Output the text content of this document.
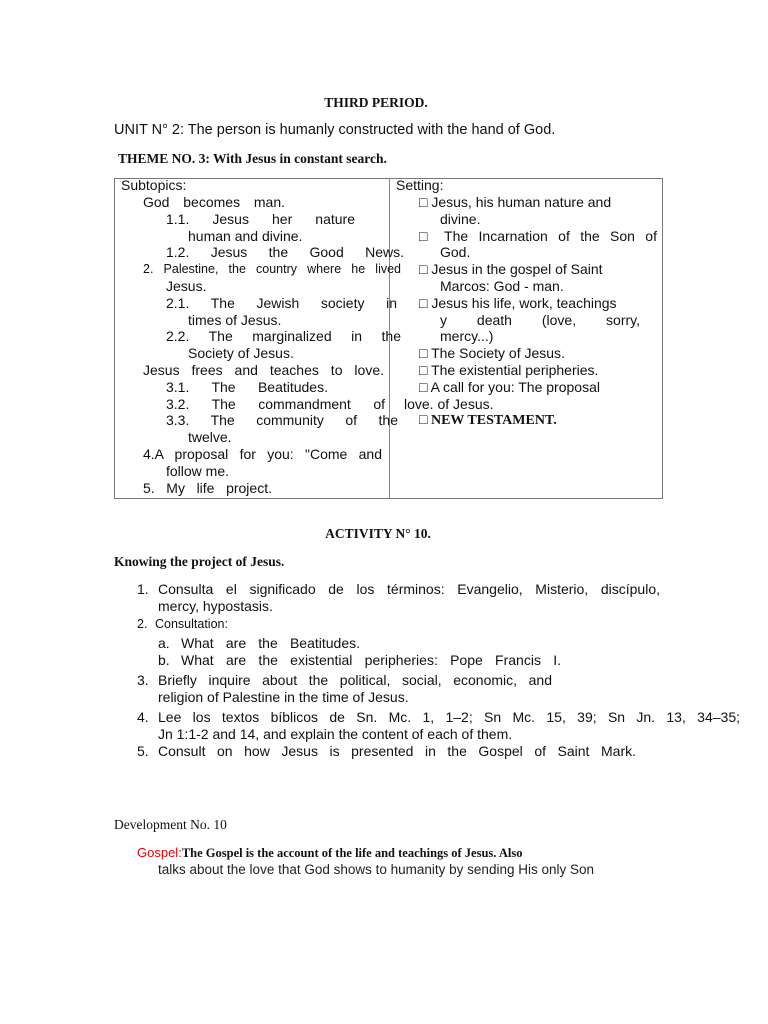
THIRD PERIOD.
UNIT N° 2: The person is humanly constructed with the hand of God.
THEME NO. 3: With Jesus in constant search.
Subtopics:
God becomes man.
1.1. Jesus her nature
human and divine.
1.2. Jesus the Good News.
2. Palestine, the country where he lived
Jesus.
2.1. The Jewish society in
times of Jesus.
2.2. The marginalized in the
Society of Jesus.
Jesus frees and teaches to love.
3.1. The Beatitudes.
3.2. The commandment of
3.3. The community of the
twelve.
4.A proposal for you: "Come and
follow me.
5. My life project.
Setting:
□ Jesus, his human nature and
divine.
□ The Incarnation of the Son of
God.
□ Jesus in the gospel of Saint
Marcos: God - man.
□ Jesus his life, work, teachings
y death (love, sorry,
mercy...)
□ The Society of Jesus.
□ The existential peripheries.
□ A call for you: The proposal
love. of Jesus.
□ NEW TESTAMENT.
ACTIVITY N° 10.
Knowing the project of Jesus.
1. Consulta el significado de los términos: Evangelio, Misterio, discípulo,
mercy, hypostasis.
2. Consultation:
a. What are the Beatitudes.
b. What are the existential peripheries: Pope Francis I.
3. Briefly inquire about the political, social, economic, and
religion of Palestine in the time of Jesus.
4. Lee los textos bíblicos de Sn. Mc. 1, 1–2; Sn Mc. 15, 39; Sn Jn. 13, 34–35;
Jn 1:1-2 and 14, and explain the content of each of them.
5. Consult on how Jesus is presented in the Gospel of Saint Mark.
Development No. 10
Gospel:The Gospel is the account of the life and teachings of Jesus. Also
talks about the love that God shows to humanity by sending His only Son
